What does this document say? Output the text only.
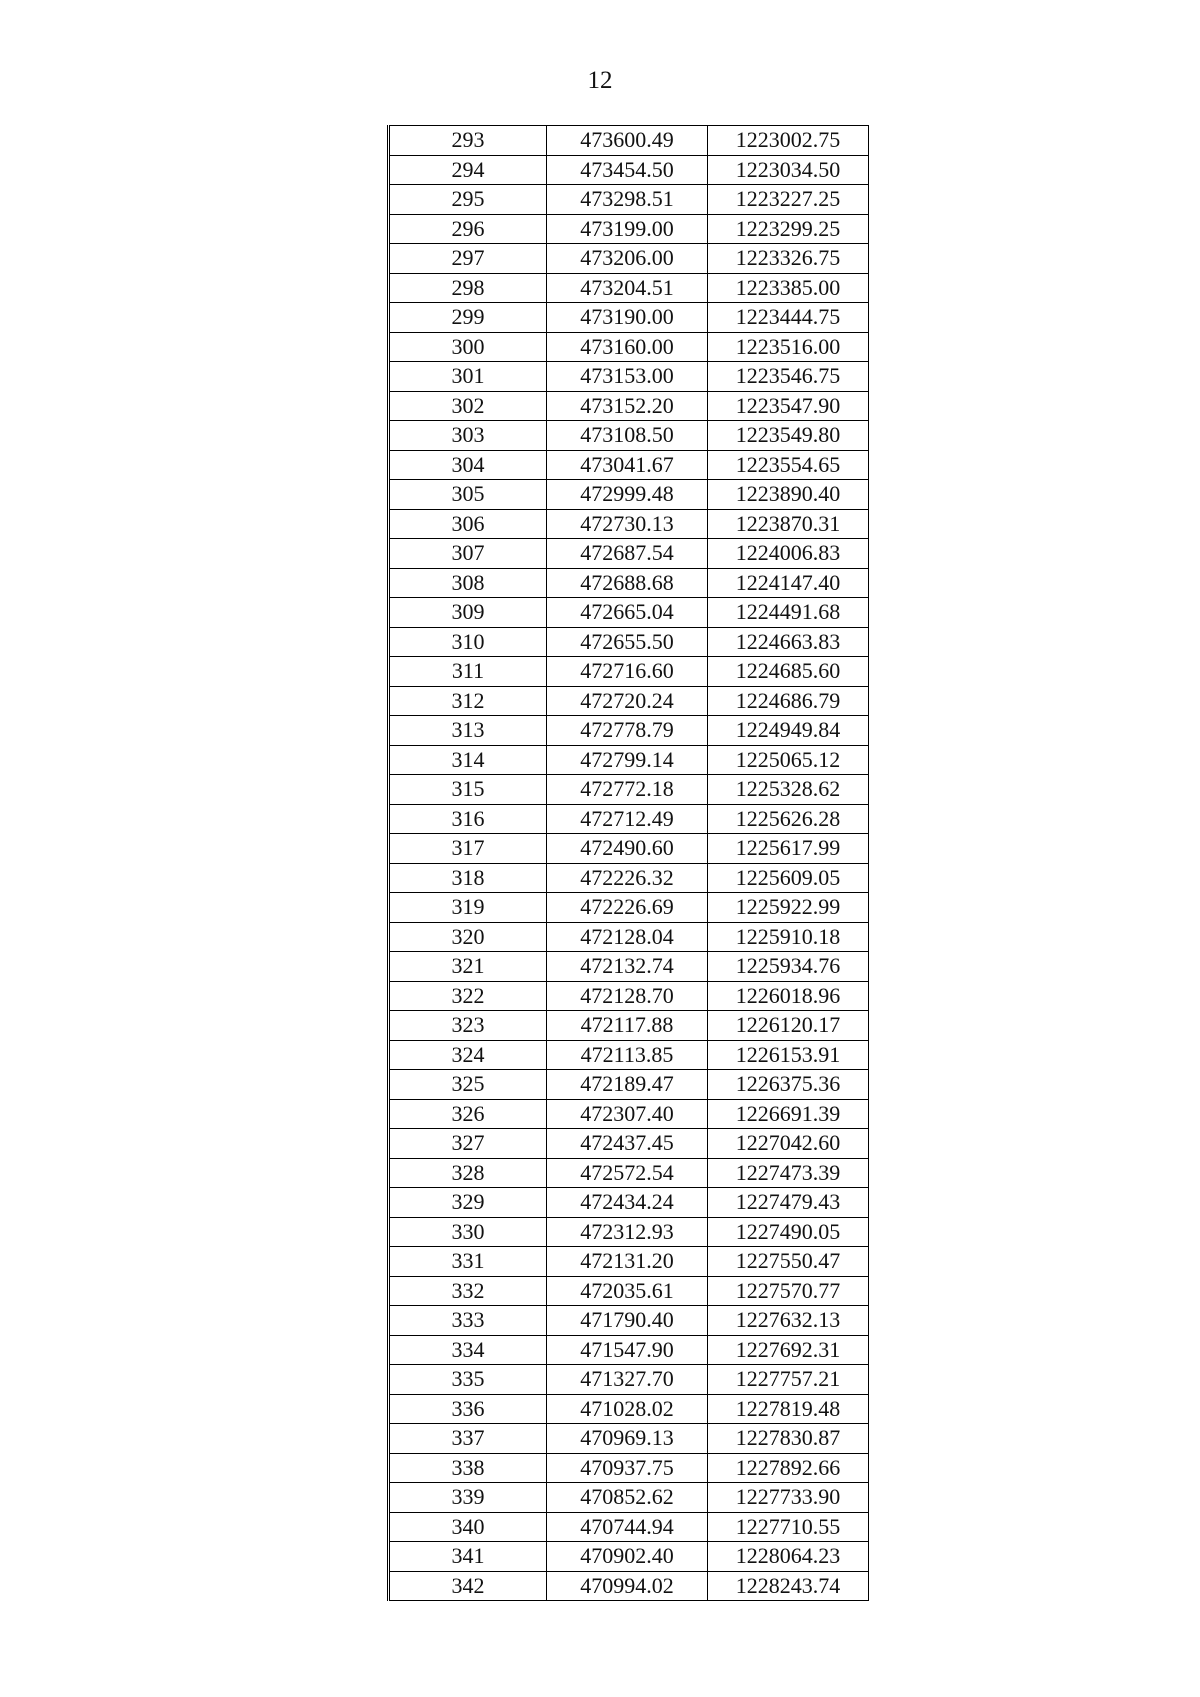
12
293	473600.49	1223002.75
294	473454.50	1223034.50
295	473298.51	1223227.25
296	473199.00	1223299.25
297	473206.00	1223326.75
298	473204.51	1223385.00
299	473190.00	1223444.75
300	473160.00	1223516.00
301	473153.00	1223546.75
302	473152.20	1223547.90
303	473108.50	1223549.80
304	473041.67	1223554.65
305	472999.48	1223890.40
306	472730.13	1223870.31
307	472687.54	1224006.83
308	472688.68	1224147.40
309	472665.04	1224491.68
310	472655.50	1224663.83
311	472716.60	1224685.60
312	472720.24	1224686.79
313	472778.79	1224949.84
314	472799.14	1225065.12
315	472772.18	1225328.62
316	472712.49	1225626.28
317	472490.60	1225617.99
318	472226.32	1225609.05
319	472226.69	1225922.99
320	472128.04	1225910.18
321	472132.74	1225934.76
322	472128.70	1226018.96
323	472117.88	1226120.17
324	472113.85	1226153.91
325	472189.47	1226375.36
326	472307.40	1226691.39
327	472437.45	1227042.60
328	472572.54	1227473.39
329	472434.24	1227479.43
330	472312.93	1227490.05
331	472131.20	1227550.47
332	472035.61	1227570.77
333	471790.40	1227632.13
334	471547.90	1227692.31
335	471327.70	1227757.21
336	471028.02	1227819.48
337	470969.13	1227830.87
338	470937.75	1227892.66
339	470852.62	1227733.90
340	470744.94	1227710.55
341	470902.40	1228064.23
342	470994.02	1228243.74
